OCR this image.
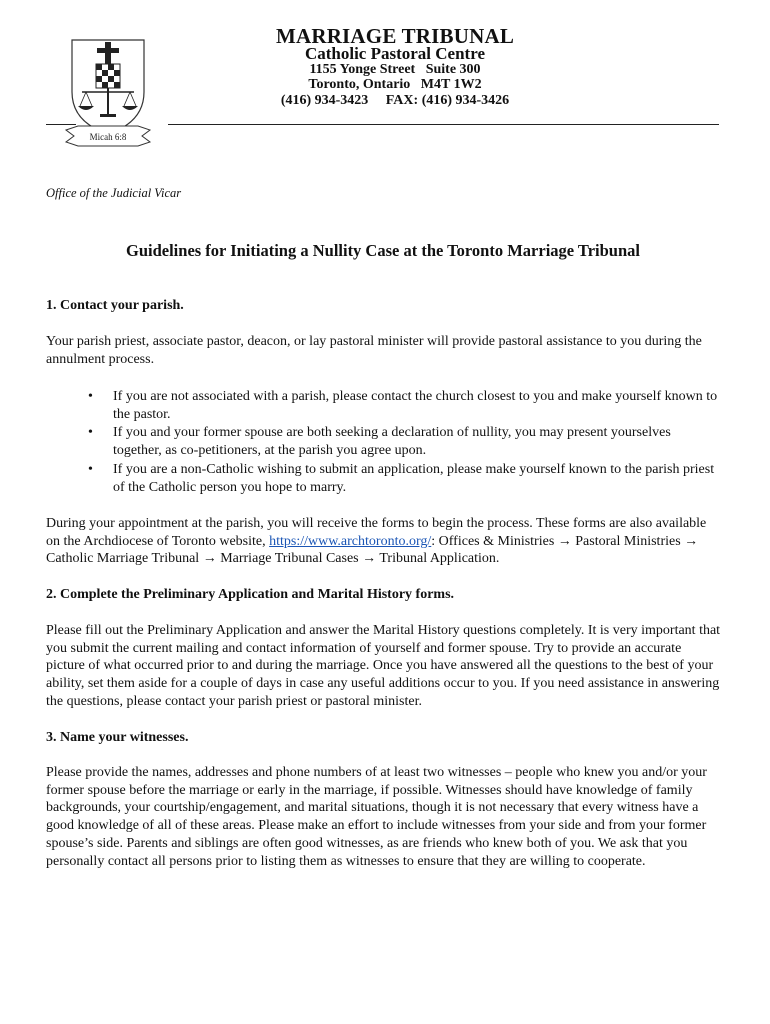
Micah 6:8
MARRIAGE TRIBUNAL
Catholic Pastoral Centre
1155 Yonge Street   Suite 300
Toronto, Ontario   M4T 1W2
(416) 934-3423     FAX: (416) 934-3426
Office of the Judicial Vicar
Guidelines for Initiating a Nullity Case at the Toronto Marriage Tribunal
1. Contact your parish.
Your parish priest, associate pastor, deacon, or lay pastoral minister will provide pastoral assistance to you during the annulment process.
• If you are not associated with a parish, please contact the church closest to you and make yourself known to the pastor.
• If you and your former spouse are both seeking a declaration of nullity, you may present yourselves together, as co-petitioners, at the parish you agree upon.
• If you are a non-Catholic wishing to submit an application, please make yourself known to the parish priest of the Catholic person you hope to marry.
During your appointment at the parish, you will receive the forms to begin the process. These forms are also available on the Archdiocese of Toronto website, https://www.archtoronto.org/: Offices & Ministries → Pastoral Ministries → Catholic Marriage Tribunal → Marriage Tribunal Cases → Tribunal Application.
2. Complete the Preliminary Application and Marital History forms.
Please fill out the Preliminary Application and answer the Marital History questions completely. It is very important that you submit the current mailing and contact information of yourself and former spouse. Try to provide an accurate picture of what occurred prior to and during the marriage. Once you have answered all the questions to the best of your ability, set them aside for a couple of days in case any useful additions occur to you. If you need assistance in answering the questions, please contact your parish priest or pastoral minister.
3. Name your witnesses.
Please provide the names, addresses and phone numbers of at least two witnesses – people who knew you and/or your former spouse before the marriage or early in the marriage, if possible. Witnesses should have knowledge of family backgrounds, your courtship/engagement, and marital situations, though it is not necessary that every witness have a good knowledge of all of these areas. Please make an effort to include witnesses from your side and from your former spouse’s side. Parents and siblings are often good witnesses, as are friends who knew both of you. We ask that you personally contact all persons prior to listing them as witnesses to ensure that they are willing to cooperate.
